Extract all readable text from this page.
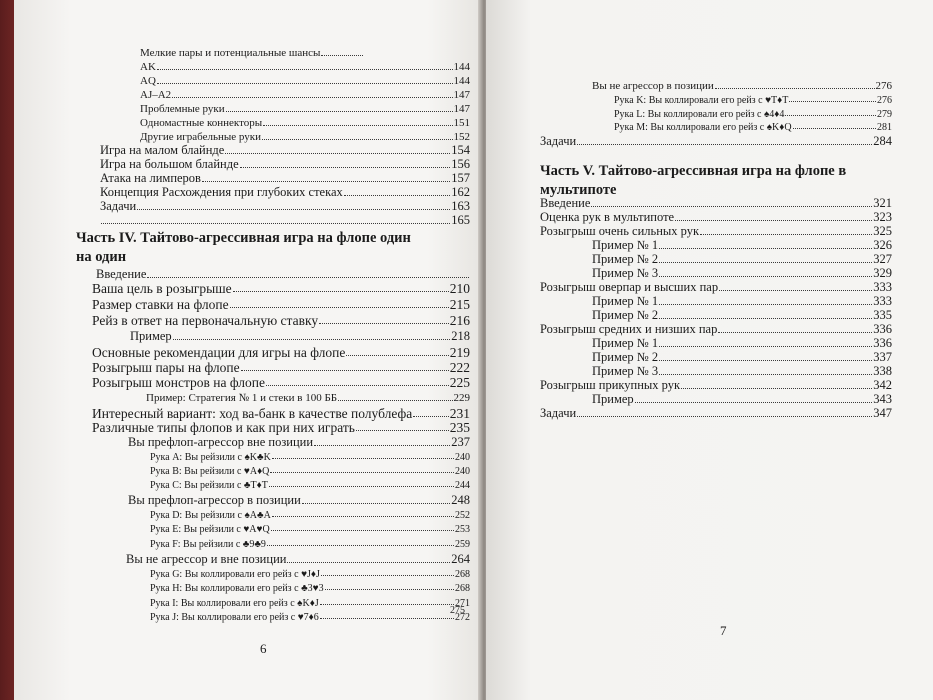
Мелкие пары и потенциальные шансы
AK	144
AQ	144
AJ–A2	147
Проблемные руки	147
Одномастные коннекторы	151
Другие играбельные руки	152
Игра на малом блайнде	154
Игра на большом блайнде	156
Атака на лимперов	157
Концепция Расхождения при глубоких стеках	162
Задачи	163
165
Введение
Ваша цель в розыгрыше	210
Размер ставки на флопе	215
Рейз в ответ на первоначальную ставку	216
Пример	218
Основные рекомендации для игры на флопе	219
Розыгрыш пары на флопе	222
Розыгрыш монстров на флопе	225
Пример: Стратегия № 1 и стеки в 100 ББ	229
Интересный вариант: ход ва-банк в качестве полублефа	231
Различные типы флопов и как при них играть	235
Вы префлоп-агрессор вне позиции	237
Рука А: Вы рейзили с ♠K♣K	240
Рука B: Вы рейзили с ♥A♦Q	240
Рука C: Вы рейзили с ♣T♦T	244
Вы префлоп-агрессор в позиции	248
Рука D: Вы рейзили с ♠A♣A	252
Рука E: Вы рейзили с ♥A♥Q	253
Рука F: Вы рейзили с ♣9♣9	259
Вы не агрессор и вне позиции	264
Рука G: Вы коллировали его рейз с ♥J♦J	268
Рука H: Вы коллировали его рейз с ♣3♥3	268
Рука I: Вы коллировали его рейз с ♠K♦J	271
Рука J: Вы коллировали его рейз с ♥7♦6	272
275
Часть IV. Тайтово-агрессивная игра на флопе один на один
6
Вы не агрессор в позиции	276
Рука K: Вы коллировали его рейз с ♥T♦T	276
Рука L: Вы коллировали его рейз с ♠4♦4	279
Рука M: Вы коллировали его рейз с ♠K♦Q	281
Задачи	284
Введение	321
Оценка рук в мультипоте	323
Розыгрыш очень сильных рук	325
Пример № 1	326
Пример № 2	327
Пример № 3	329
Розыгрыш оверпар и высших пар	333
Пример № 1	333
Пример № 2	335
Розыгрыш средних и низших пар	336
Пример № 1	336
Пример № 2	337
Пример № 3	338
Розыгрыш прикупных рук	342
Пример	343
Задачи	347
Часть V. Тайтово-агрессивная игра на флопе в мультипоте
7
